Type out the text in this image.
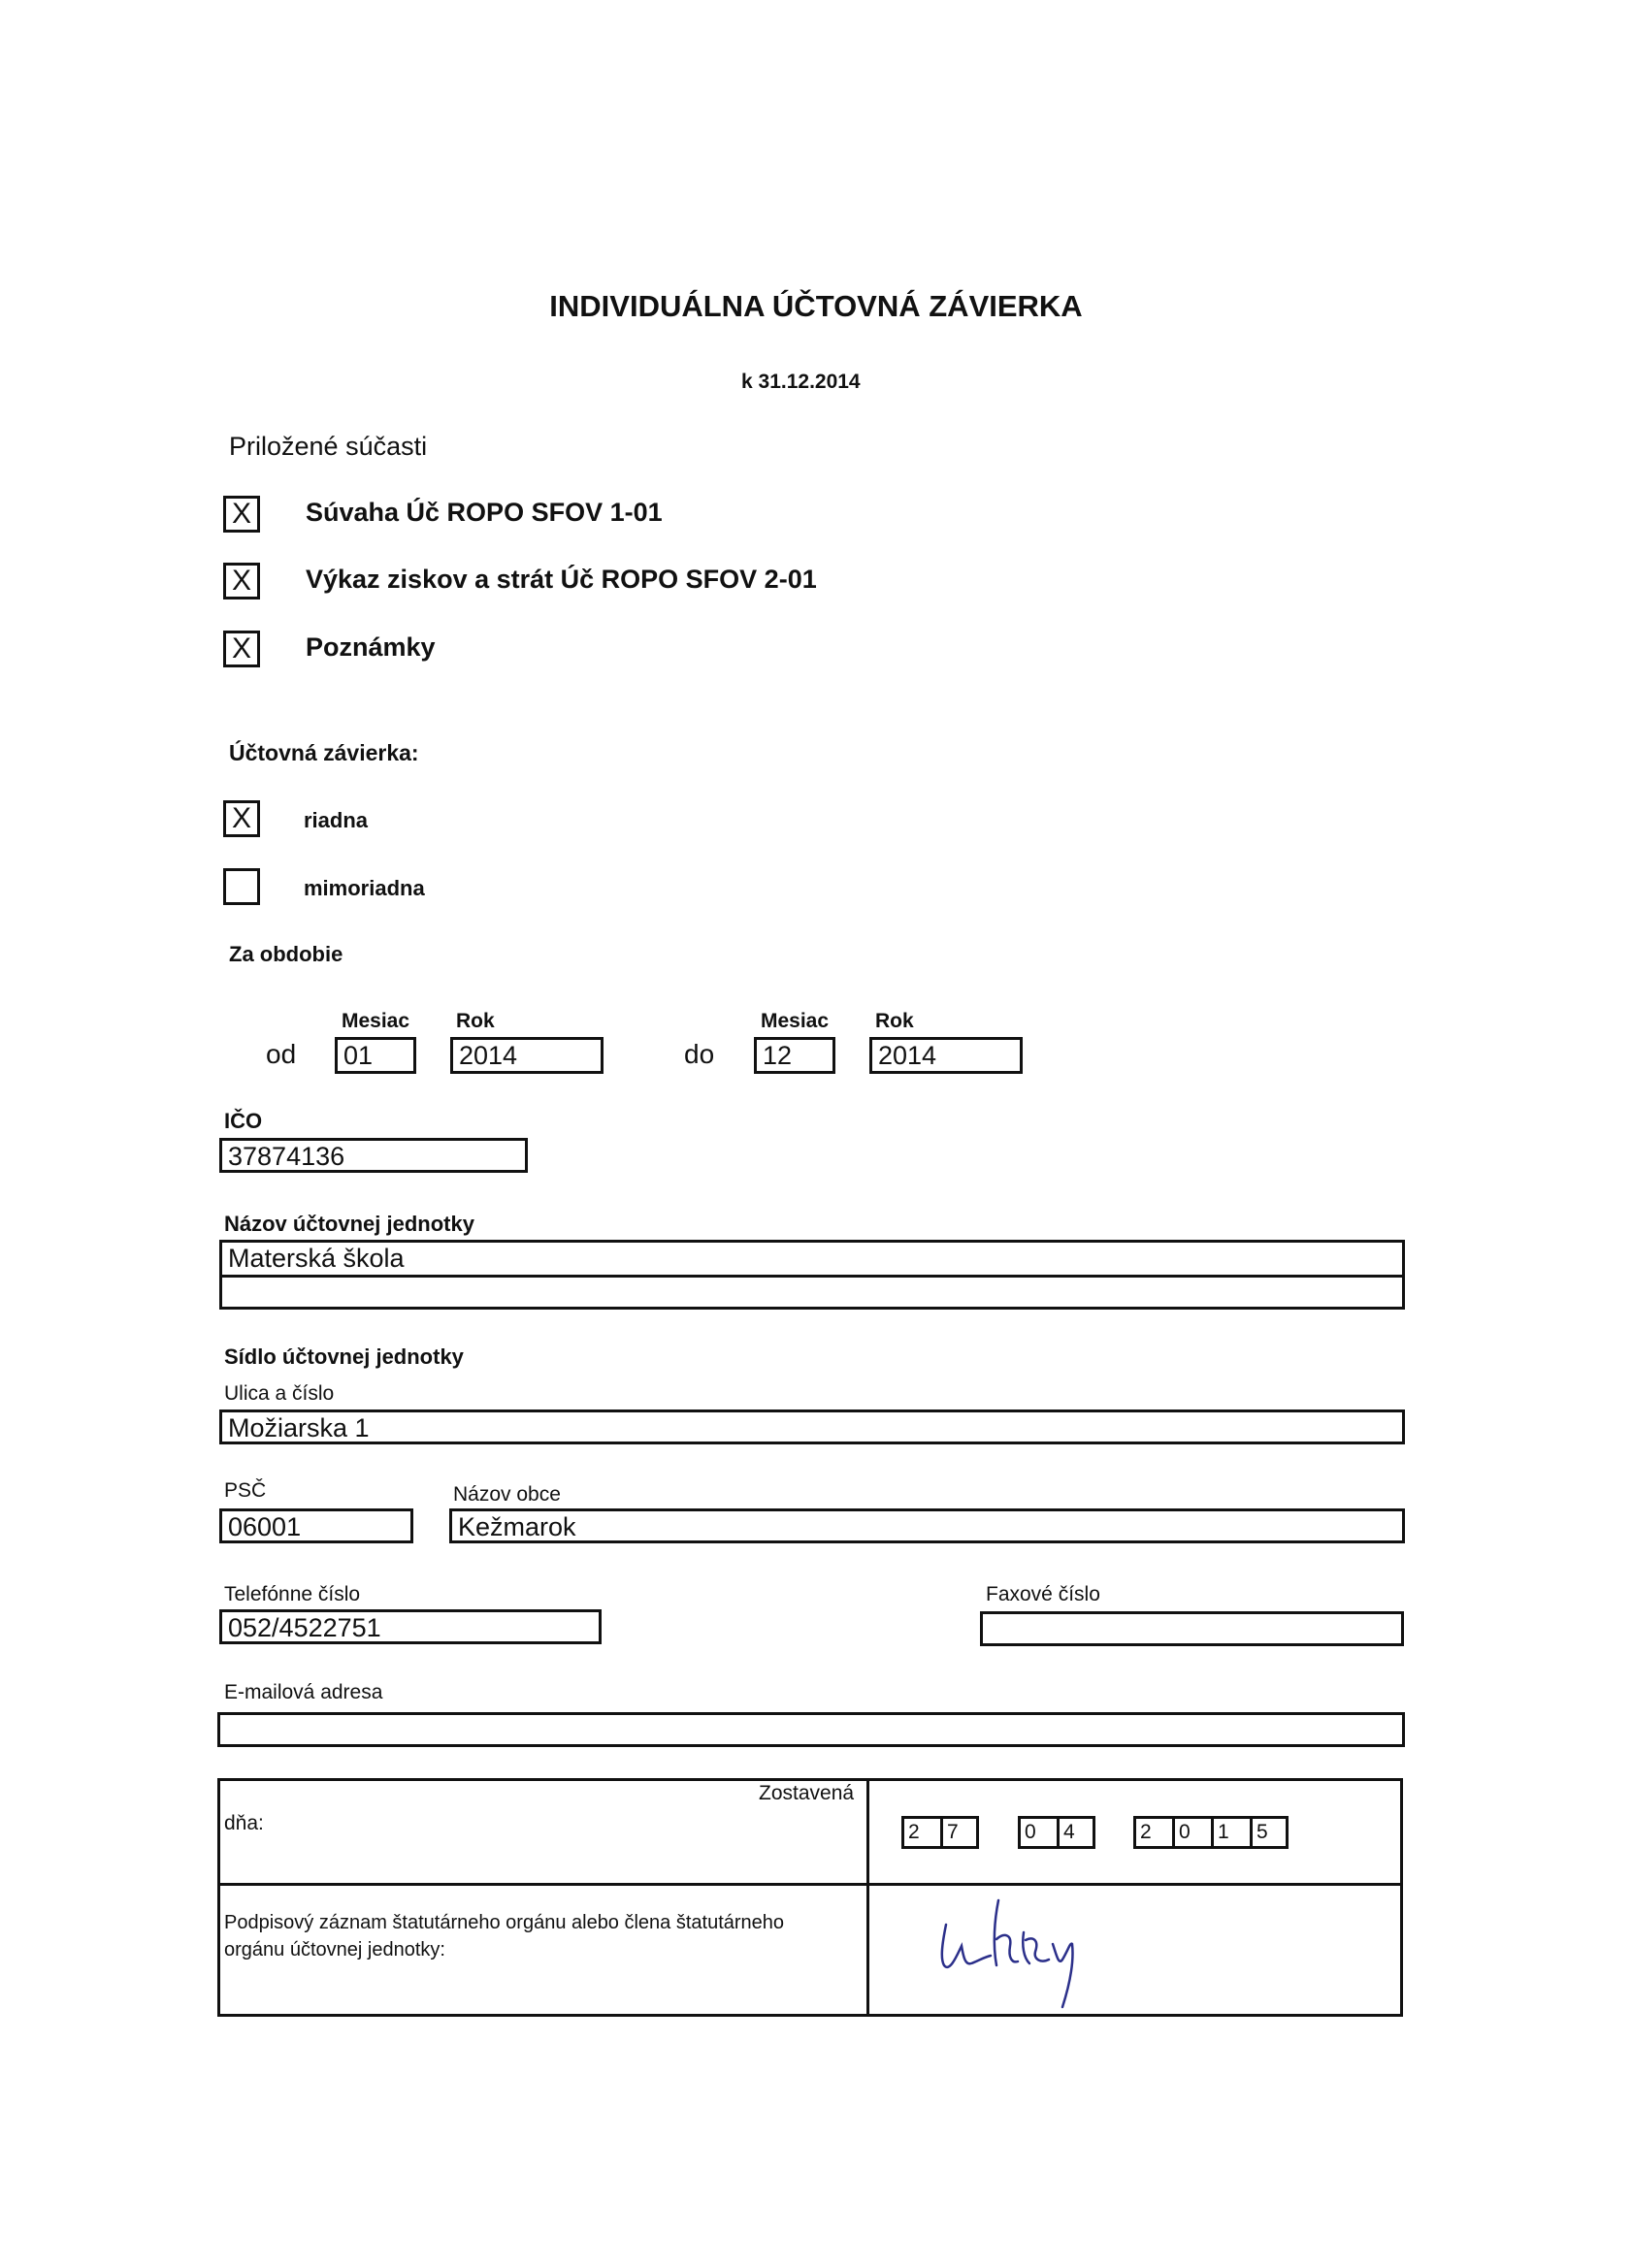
INDIVIDUÁLNA ÚČTOVNÁ ZÁVIERKA
k 31.12.2014
Priložené súčasti
X	Súvaha Úč ROPO SFOV 1-01
X	Výkaz ziskov a strát Úč ROPO SFOV 2-01
X	Poznámky
Účtovná závierka:
X	riadna
mimoriadna
Za obdobie
Mesiac Rok	Mesiac Rok
od 01	2014	do 12	2014
IČO
37874136
Názov účtovnej jednotky
Materská škola
Sídlo účtovnej jednotky
Ulica a číslo
Možiarska 1
PSČ	Názov obce
06001	Kežmarok
Telefónne číslo
052/4522751
Faxové číslo
E-mailová adresa
Zostavená
dňa:	2	7	0	4	2	0	1	5
Podpisový záznam štatutárneho orgánu alebo člena štatutárneho orgánu účtovnej jednotky:
